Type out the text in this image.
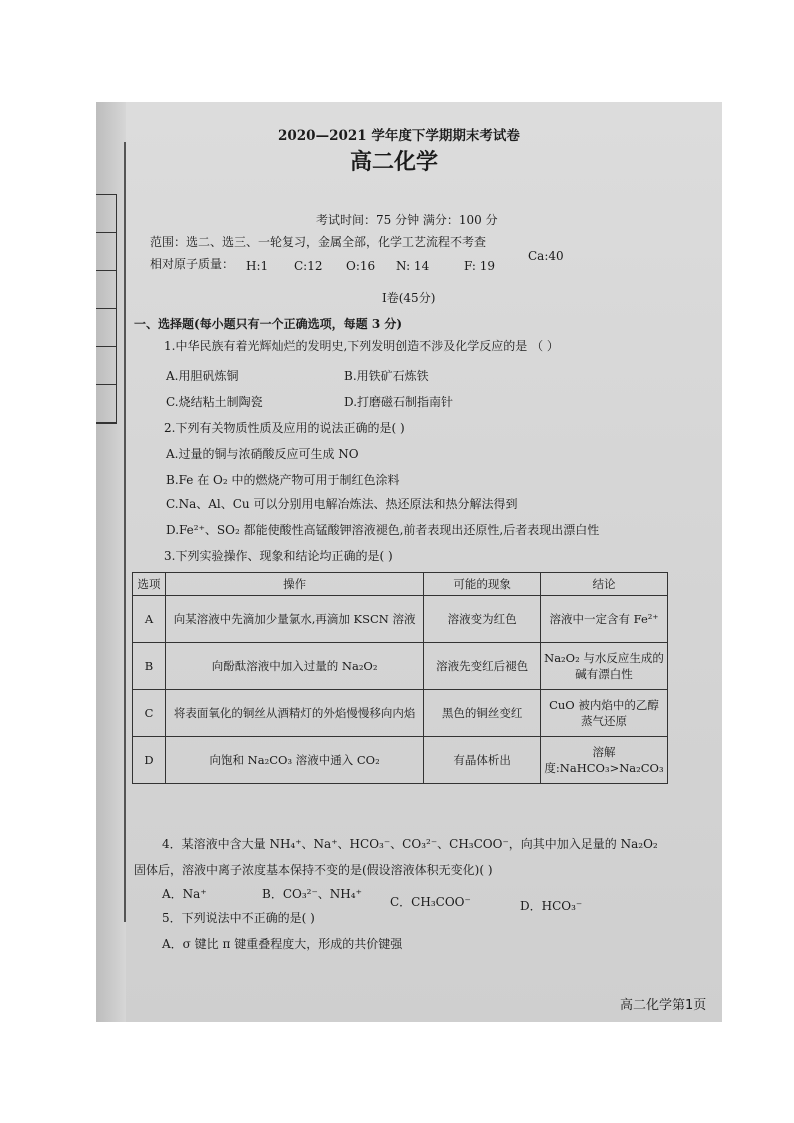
2020—2021 学年度下学期期末考试卷
高二化学
考试时间：75 分钟 满分：100 分
范围：选二、选三、一轮复习，金属全部，化学工艺流程不考查
相对原子质量： H:1 C:12 O:16 N: 14	F: 19
Ca:40
Ⅰ卷(45分)
一、选择题(每小题只有一个正确选项，每题 3 分)
1.中华民族有着光辉灿烂的发明史,下列发明创造不涉及化学反应的是 （ ）
A.用胆矾炼铜	B.用铁矿石炼铁
C.烧结粘土制陶瓷	D.打磨磁石制指南针
2.下列有关物质性质及应用的说法正确的是( )
A.过量的铜与浓硝酸反应可生成 NO
B.Fe 在 O₂ 中的燃烧产物可用于制红色涂料
C.Na、Al、Cu 可以分别用电解冶炼法、热还原法和热分解法得到
D.Fe²⁺、SO₂ 都能使酸性高锰酸钾溶液褪色,前者表现出还原性,后者表现出漂白性
3.下列实验操作、现象和结论均正确的是( )
选项	操作	可能的现象	结论
A	向某溶液中先滴加少量氯水,再滴加 KSCN 溶液	溶液变为红色	溶液中一定含有 Fe²⁺
B	向酚酞溶液中加入过量的 Na₂O₂	溶液先变红后褪色	Na₂O₂ 与水反应生成的碱有漂白性
C	将表面氧化的铜丝从酒精灯的外焰慢慢移向内焰	黑色的铜丝变红	CuO 被内焰中的乙醇蒸气还原
D	向饱和 Na₂CO₃ 溶液中通入 CO₂	有晶体析出	溶解度:NaHCO₃>Na₂CO₃
4．某溶液中含大量 NH₄⁺、Na⁺、HCO₃⁻、CO₃²⁻、CH₃COO⁻，向其中加入足量的 Na₂O₂
固体后，溶液中离子浓度基本保持不变的是(假设溶液体积无变化)( )
A．Na⁺	B．CO₃²⁻、NH₄⁺
C．CH₃COO⁻	D．HCO₃⁻
5．下列说法中不正确的是( )
A．σ 键比 π 键重叠程度大，形成的共价键强
高二化学第1页
